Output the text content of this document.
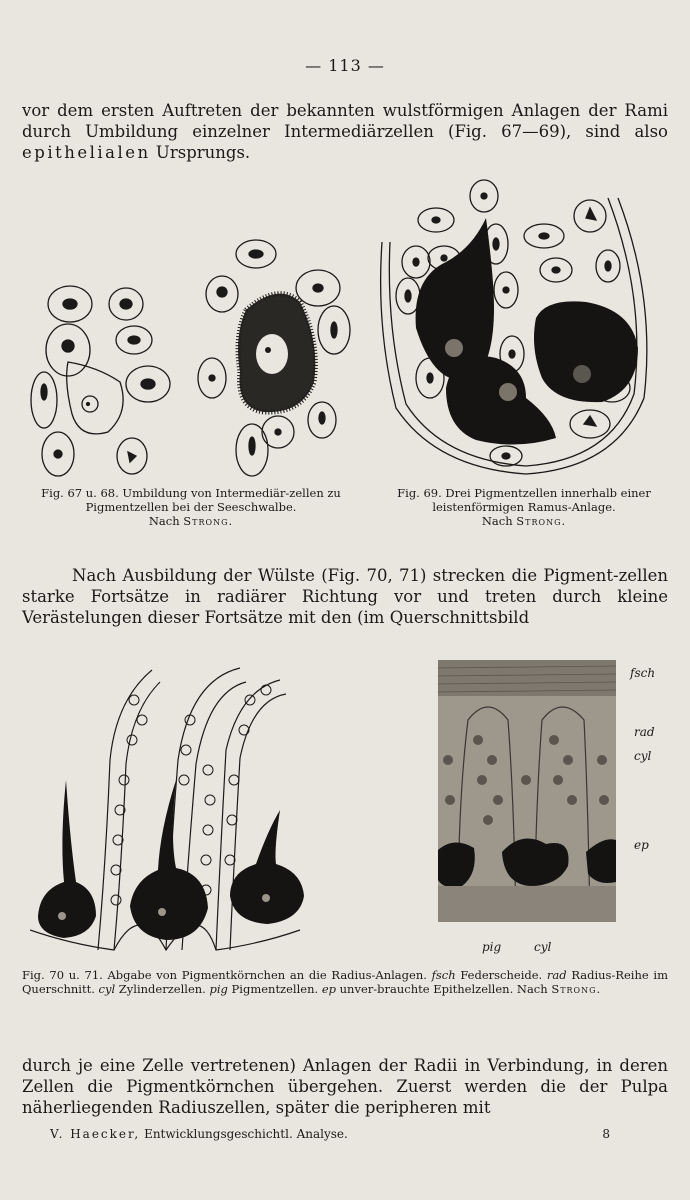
— 113 —

vor dem ersten Auftreten der bekannten wulstförmigen Anlagen der Rami durch Umbildung einzelner Intermediärzellen (Fig. 67—69), sind also epithelialen Ursprungs.

Fig. 67 u. 68. Umbildung von Intermediär-zellen zu Pigmentzellen bei der Seeschwalbe.
Nach Strong.
Fig. 69. Drei Pigmentzellen innerhalb einer leistenförmigen Ramus-Anlage.
Nach Strong.

Nach Ausbildung der Wülste (Fig. 70, 71) strecken die Pigment-zellen starke Fortsätze in radiärer Richtung vor und treten durch kleine Verästelungen dieser Fortsätze mit den (im Querschnittsbild

fsch
rad
cyl
ep
pig	cyl
Fig. 70 u. 71. Abgabe von Pigmentkörnchen an die Radius-Anlagen. fsch Federscheide. rad Radius-Reihe im Querschnitt. cyl Zylinderzellen. pig Pigmentzellen. ep unver-brauchte Epithelzellen. Nach Strong.

durch je eine Zelle vertretenen) Anlagen der Radii in Verbindung, in deren Zellen die Pigmentkörnchen übergehen. Zuerst werden die der Pulpa näherliegenden Radiuszellen, später die peripheren mit

V. Haecker, Entwicklungsgeschichtl. Analyse.	8
